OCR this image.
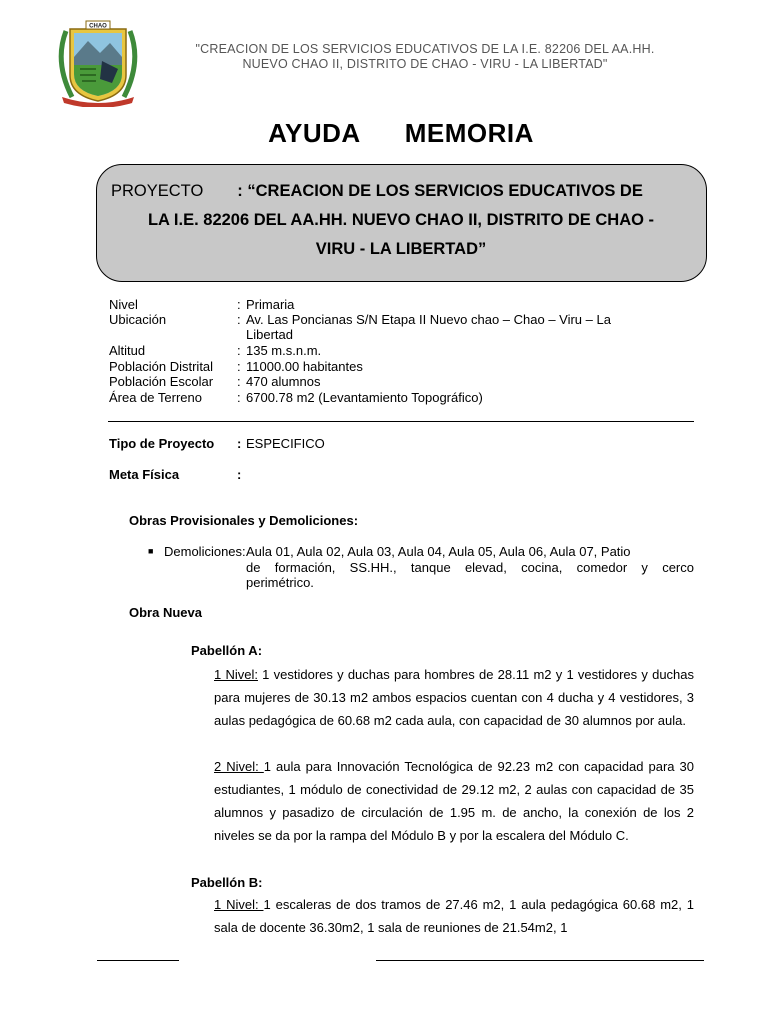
CHAO
"CREACION DE LOS SERVICIOS EDUCATIVOS DE LA I.E. 82206 DEL AA.HH.
NUEVO CHAO II, DISTRITO DE CHAO - VIRU - LA LIBERTAD"
AYUDA MEMORIA
PROYECTO : “CREACION DE LOS SERVICIOS EDUCATIVOS DE
LA I.E. 82206 DEL AA.HH. NUEVO CHAO II, DISTRITO DE CHAO -
VIRU - LA LIBERTAD”
Nivel	: Primaria
Ubicación	: Av. Las Poncianas S/N Etapa II Nuevo chao – Chao – Viru – La
Libertad
Altitud	: 135 m.s.n.m.
Población Distrital : 11000.00 habitantes
Población Escolar : 470 alumnos
Área de Terreno	: 6700.78 m2 (Levantamiento Topográfico)
Tipo de Proyecto : ESPECIFICO
Meta Física	:
Obras Provisionales y Demoliciones:
■ Demoliciones: Aula 01, Aula 02, Aula 03, Aula 04, Aula 05, Aula 06, Aula 07, Patio
de formación, SS.HH., tanque elevad, cocina, comedor y cerco
perimétrico.
Obra Nueva
Pabellón A:
1 Nivel: 1 vestidores y duchas para hombres de 28.11 m2 y 1 vestidores y duchas para mujeres de 30.13 m2 ambos espacios cuentan con 4 ducha y 4 vestidores, 3 aulas pedagógica de 60.68 m2 cada aula, con capacidad de 30 alumnos por aula.
2 Nivel: 1 aula para Innovación Tecnológica de 92.23 m2 con capacidad para 30 estudiantes, 1 módulo de conectividad de 29.12 m2, 2 aulas con capacidad de 35 alumnos y pasadizo de circulación de 1.95 m. de ancho, la conexión de los 2 niveles se da por la rampa del Módulo B y por la escalera del Módulo C.
Pabellón B:
1 Nivel: 1 escaleras de dos tramos de 27.46 m2, 1 aula pedagógica 60.68 m2, 1 sala de docente 36.30m2, 1 sala de reuniones de 21.54m2, 1
